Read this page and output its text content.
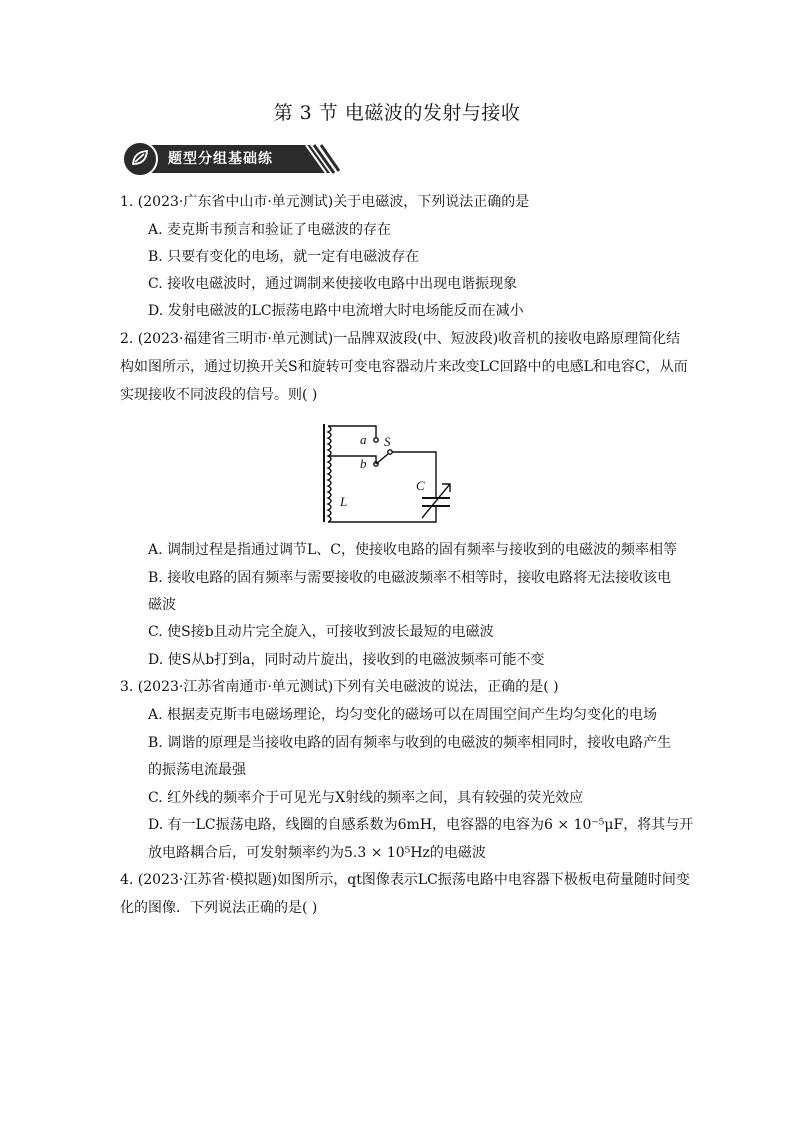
第 3 节 电磁波的发射与接收
题型分组基础练
1. (2023·广东省中山市·单元测试)关于电磁波，下列说法正确的是
A. 麦克斯韦预言和验证了电磁波的存在
B. 只要有变化的电场，就一定有电磁波存在
C. 接收电磁波时，通过调制来使接收电路中出现电谐振现象
D. 发射电磁波的LC振荡电路中电流增大时电场能反而在减小
2. (2023·福建省三明市·单元测试)一品牌双波段(中、短波段)收音机的接收电路原理简化结
构如图所示，通过切换开关S和旋转可变电容器动片来改变LC回路中的电感L和电容C，从而
实现接收不同波段的信号。则( )
a
b
S
L
C
A. 调制过程是指通过调节L、C，使接收电路的固有频率与接收到的电磁波的频率相等
B. 接收电路的固有频率与需要接收的电磁波频率不相等时，接收电路将无法接收该电
磁波
C. 使S接b且动片完全旋入，可接收到波长最短的电磁波
D. 使S从b打到a，同时动片旋出，接收到的电磁波频率可能不变
3. (2023·江苏省南通市·单元测试)下列有关电磁波的说法，正确的是( )
A. 根据麦克斯韦电磁场理论，均匀变化的磁场可以在周围空间产生均匀变化的电场
B. 调谐的原理是当接收电路的固有频率与收到的电磁波的频率相同时，接收电路产生
的振荡电流最强
C. 红外线的频率介于可见光与X射线的频率之间，具有较强的荧光效应
D. 有一LC振荡电路，线圈的自感系数为6mH，电容器的电容为6 × 10⁻⁵μF，将其与开
放电路耦合后，可发射频率约为5.3 × 10⁵Hz的电磁波
4. (2023·江苏省·模拟题)如图所示，qt图像表示LC振荡电路中电容器下极板电荷量随时间变
化的图像．下列说法正确的是( )
